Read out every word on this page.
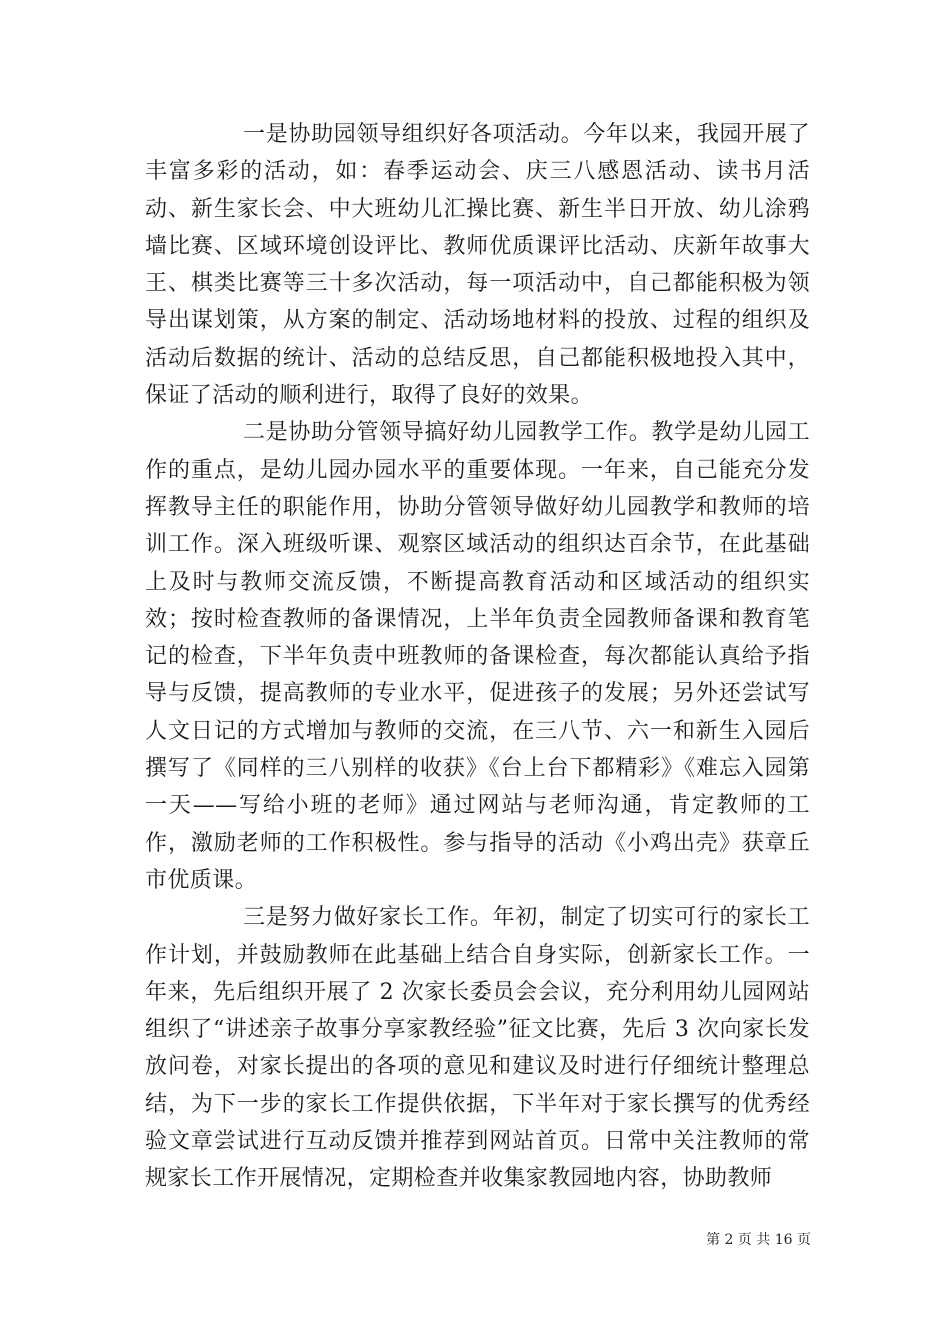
一是协助园领导组织好各项活动。今年以来，我园开展了丰富多彩的活动，如：春季运动会、庆三八感恩活动、读书月活动、新生家长会、中大班幼儿汇操比赛、新生半日开放、幼儿涂鸦墙比赛、区域环境创设评比、教师优质课评比活动、庆新年故事大王、棋类比赛等三十多次活动，每一项活动中，自己都能积极为领导出谋划策，从方案的制定、活动场地材料的投放、过程的组织及活动后数据的统计、活动的总结反思，自己都能积极地投入其中，保证了活动的顺利进行，取得了良好的效果。

二是协助分管领导搞好幼儿园教学工作。教学是幼儿园工作的重点，是幼儿园办园水平的重要体现。一年来，自己能充分发挥教导主任的职能作用，协助分管领导做好幼儿园教学和教师的培训工作。深入班级听课、观察区域活动的组织达百余节，在此基础上及时与教师交流反馈，不断提高教育活动和区域活动的组织实效；按时检查教师的备课情况，上半年负责全园教师备课和教育笔记的检查，下半年负责中班教师的备课检查，每次都能认真给予指导与反馈，提高教师的专业水平，促进孩子的发展；另外还尝试写人文日记的方式增加与教师的交流，在三八节、六一和新生入园后撰写了《同样的三八别样的收获》《台上台下都精彩》《难忘入园第一天——写给小班的老师》通过网站与老师沟通，肯定教师的工作，激励老师的工作积极性。参与指导的活动《小鸡出壳》获章丘市优质课。

三是努力做好家长工作。年初，制定了切实可行的家长工作计划，并鼓励教师在此基础上结合自身实际，创新家长工作。一年来，先后组织开展了 2 次家长委员会会议，充分利用幼儿园网站组织了“讲述亲子故事分享家教经验”征文比赛，先后 3 次向家长发放问卷，对家长提出的各项的意见和建议及时进行仔细统计整理总结，为下一步的家长工作提供依据，下半年对于家长撰写的优秀经验文章尝试进行互动反馈并推荐到网站首页。日常中关注教师的常规家长工作开展情况，定期检查并收集家教园地内容，协助教师

第 2 页 共 16 页
